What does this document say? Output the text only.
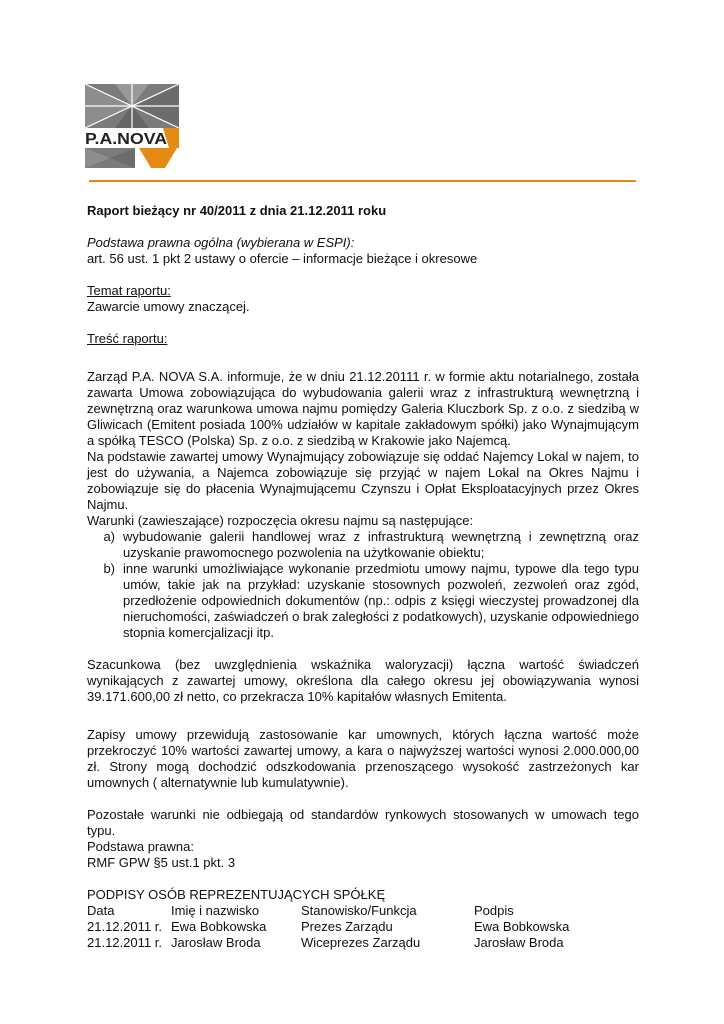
P.A.NOVA

Raport bieżący nr 40/2011 z dnia 21.12.2011 roku

Podstawa prawna ogólna (wybierana w ESPI):

art. 56 ust. 1 pkt 2 ustawy o ofercie – informacje bieżące i okresowe

Temat raportu:

Zawarcie umowy znaczącej.

Treść raportu:

Zarząd P.A. NOVA S.A. informuje, że w dniu 21.12.20111 r. w formie aktu notarialnego, została zawarta Umowa zobowiązująca do wybudowania galerii wraz z infrastrukturą wewnętrzną i zewnętrzną oraz warunkowa umowa najmu pomiędzy Galeria Kluczbork Sp. z o.o. z siedzibą w Gliwicach (Emitent posiada 100% udziałów w kapitale zakładowym spółki) jako Wynajmującym a spółką TESCO (Polska) Sp. z o.o. z siedzibą w Krakowie jako Najemcą.

Na podstawie zawartej umowy Wynajmujący zobowiązuje się oddać Najemcy Lokal w najem, to jest do używania, a Najemca zobowiązuje się przyjąć w najem Lokal na Okres Najmu i zobowiązuje się do płacenia Wynajmującemu Czynszu i Opłat Eksploatacyjnych przez Okres Najmu.

Warunki (zawieszające) rozpoczęcia okresu najmu są następujące:

a) wybudowanie galerii handlowej wraz z infrastrukturą wewnętrzną i zewnętrzną oraz uzyskanie prawomocnego pozwolenia na użytkowanie obiektu;
b) inne warunki umożliwiające wykonanie przedmiotu umowy najmu, typowe dla tego typu umów, takie jak na przykład: uzyskanie stosownych pozwoleń, zezwoleń oraz zgód, przedłożenie odpowiednich dokumentów (np.: odpis z księgi wieczystej prowadzonej dla nieruchomości, zaświadczeń o brak zaległości z podatkowych), uzyskanie odpowiedniego stopnia komercjalizacji itp.

Szacunkowa (bez uwzględnienia wskaźnika waloryzacji) łączna wartość świadczeń wynikających z zawartej umowy, określona dla całego okresu jej obowiązywania wynosi 39.171.600,00 zł netto, co przekracza 10% kapitałów własnych Emitenta.

Zapisy umowy przewidują zastosowanie kar umownych, których łączna wartość może przekroczyć 10% wartości zawartej umowy, a kara o najwyższej wartości wynosi 2.000.000,00 zł. Strony mogą dochodzić odszkodowania przenoszącego wysokość zastrzeżonych kar umownych ( alternatywnie lub kumulatywnie).

Pozostałe warunki nie odbiegają od standardów rynkowych stosowanych w umowach tego typu.

Podstawa prawna:

RMF GPW §5 ust.1 pkt. 3

PODPISY OSÓB REPREZENTUJĄCYCH SPÓŁKĘ

Data	Imię i nazwisko	Stanowisko/Funkcja	Podpis
21.12.2011 r. Ewa Bobkowska	Prezes Zarządu	Ewa Bobkowska
21.12.2011 r. Jarosław Broda	Wiceprezes Zarządu	Jarosław Broda
